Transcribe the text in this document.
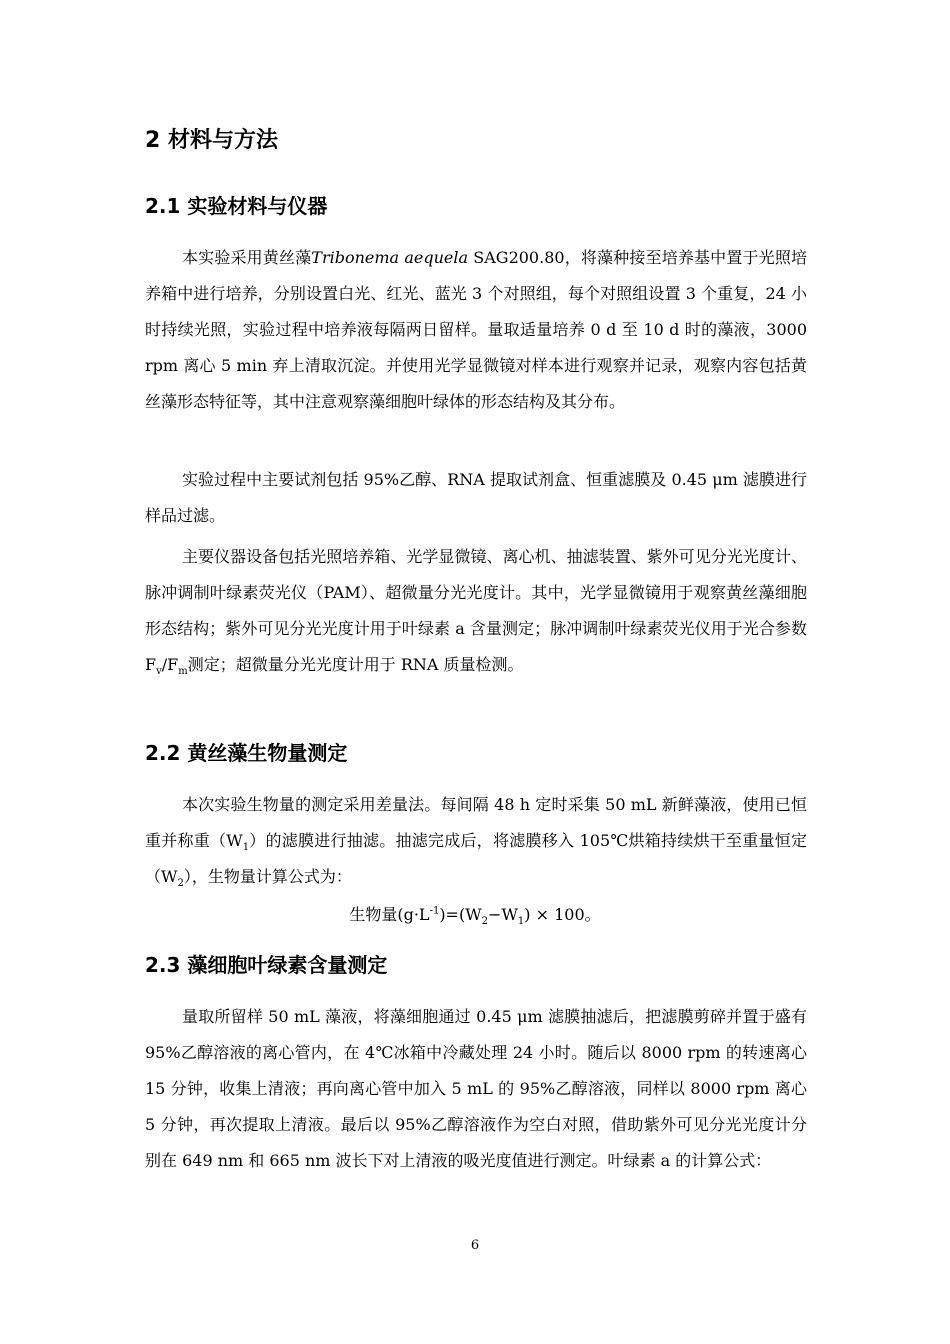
2 材料与方法
2.1 实验材料与仪器
本实验采用黄丝藻Tribonema aequela SAG200.80，将藻种接至培养基中置于光照培养箱中进行培养，分别设置白光、红光、蓝光 3 个对照组，每个对照组设置 3 个重复，24 小时持续光照，实验过程中培养液每隔两日留样。量取适量培养 0 d 至 10 d 时的藻液，3000 rpm 离心 5 min 弃上清取沉淀。并使用光学显微镜对样本进行观察并记录，观察内容包括黄丝藻形态特征等，其中注意观察藻细胞叶绿体的形态结构及其分布。
实验过程中主要试剂包括 95%乙醇、RNA 提取试剂盒、恒重滤膜及 0.45 μm 滤膜进行样品过滤。
主要仪器设备包括光照培养箱、光学显微镜、离心机、抽滤装置、紫外可见分光光度计、脉冲调制叶绿素荧光仪（PAM）、超微量分光光度计。其中，光学显微镜用于观察黄丝藻细胞形态结构；紫外可见分光光度计用于叶绿素 a 含量测定；脉冲调制叶绿素荧光仪用于光合参数 $F_v/F_m$测定；超微量分光光度计用于 RNA 质量检测。
2.2 黄丝藻生物量测定
本次实验生物量的测定采用差量法。每间隔 48 h 定时采集 50 mL 新鲜藻液，使用已恒重并称重$(W_1)$的滤膜进行抽滤。抽滤完成后，将滤膜移入 105℃烘箱持续烘干至重量恒定$(W_2)$，生物量计算公式为：
生物量$(g\cdot L^{-1})=(W_2-W_1) \times 100$。
2.3 藻细胞叶绿素含量测定
量取所留样 50 mL 藻液，将藻细胞通过 0.45 μm 滤膜抽滤后，把滤膜剪碎并置于盛有 95%乙醇溶液的离心管内，在 4℃冰箱中冷藏处理 24 小时。随后以 8000 rpm 的转速离心 15 分钟，收集上清液；再向离心管中加入 5 mL 的 95%乙醇溶液，同样以 8000 rpm 离心 5 分钟，再次提取上清液。最后以 95%乙醇溶液作为空白对照，借助紫外可见分光光度计分别在 649 nm 和 665 nm 波长下对上清液的吸光度值进行测定。叶绿素 a 的计算公式：
6
